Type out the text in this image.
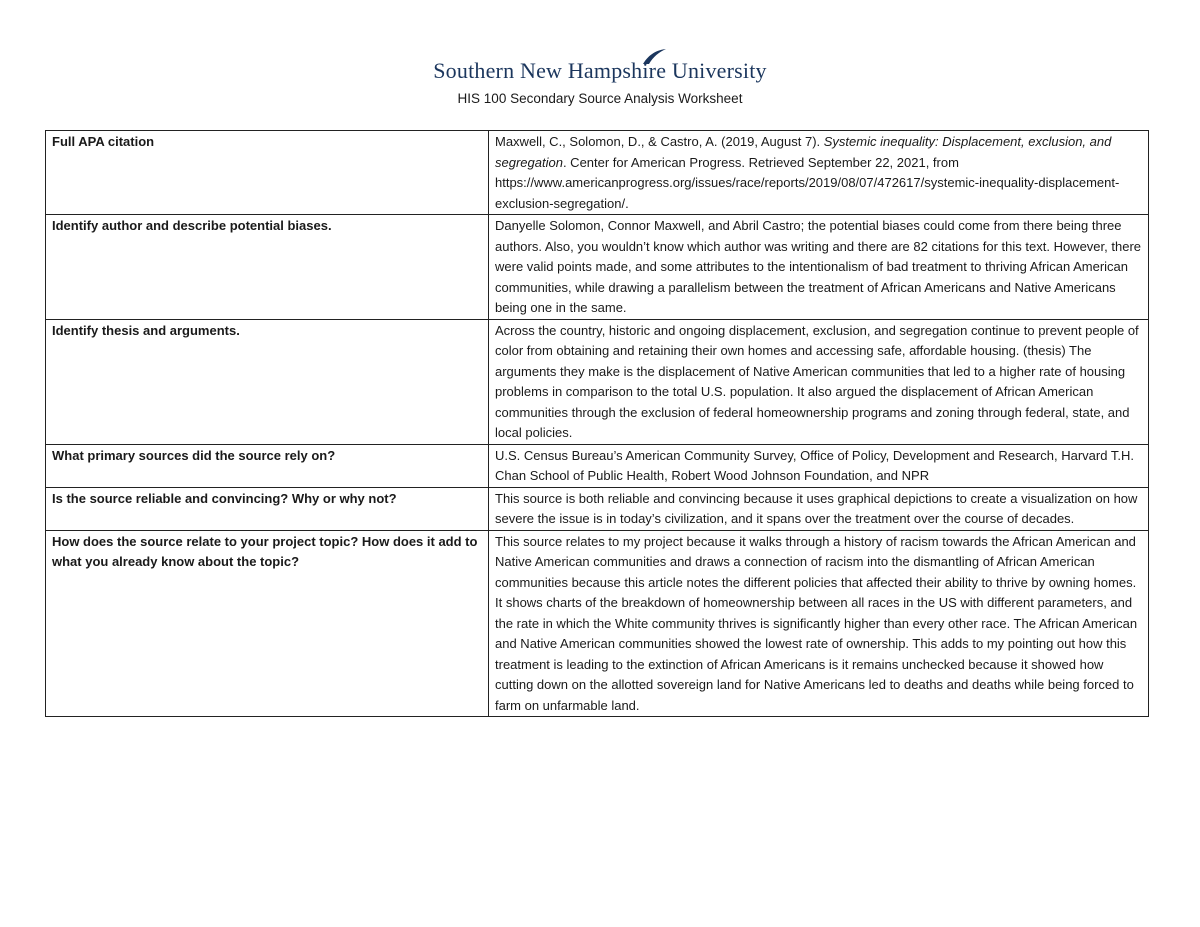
Southern New Hampshire University
HIS 100 Secondary Source Analysis Worksheet
Full APA citation	Maxwell, C., Solomon, D., & Castro, A. (2019, August 7). Systemic inequality: Displacement, exclusion, and segregation. Center for American Progress. Retrieved September 22, 2021, from https://www.americanprogress.org/issues/race/reports/2019/08/07/472617/systemic-inequality-displacement-exclusion-segregation/.
Identify author and describe potential biases.	Danyelle Solomon, Connor Maxwell, and Abril Castro; the potential biases could come from there being three authors. Also, you wouldn’t know which author was writing and there are 82 citations for this text. However, there were valid points made, and some attributes to the intentionalism of bad treatment to thriving African American communities, while drawing a parallelism between the treatment of African Americans and Native Americans being one in the same.
Identify thesis and arguments.	Across the country, historic and ongoing displacement, exclusion, and segregation continue to prevent people of color from obtaining and retaining their own homes and accessing safe, affordable housing. (thesis) The arguments they make is the displacement of Native American communities that led to a higher rate of housing problems in comparison to the total U.S. population. It also argued the displacement of African American communities through the exclusion of federal homeownership programs and zoning through federal, state, and local policies.
What primary sources did the source rely on?	U.S. Census Bureau’s American Community Survey, Office of Policy, Development and Research, Harvard T.H. Chan School of Public Health, Robert Wood Johnson Foundation, and NPR
Is the source reliable and convincing? Why or why not?	This source is both reliable and convincing because it uses graphical depictions to create a visualization on how severe the issue is in today’s civilization, and it spans over the treatment over the course of decades.
How does the source relate to your project topic? How does it add to what you already know about the topic?	This source relates to my project because it walks through a history of racism towards the African American and Native American communities and draws a connection of racism into the dismantling of African American communities because this article notes the different policies that affected their ability to thrive by owning homes. It shows charts of the breakdown of homeownership between all races in the US with different parameters, and the rate in which the White community thrives is significantly higher than every other race. The African American and Native American communities showed the lowest rate of ownership. This adds to my pointing out how this treatment is leading to the extinction of African Americans is it remains unchecked because it showed how cutting down on the allotted sovereign land for Native Americans led to deaths and deaths while being forced to farm on unfarmable land.
